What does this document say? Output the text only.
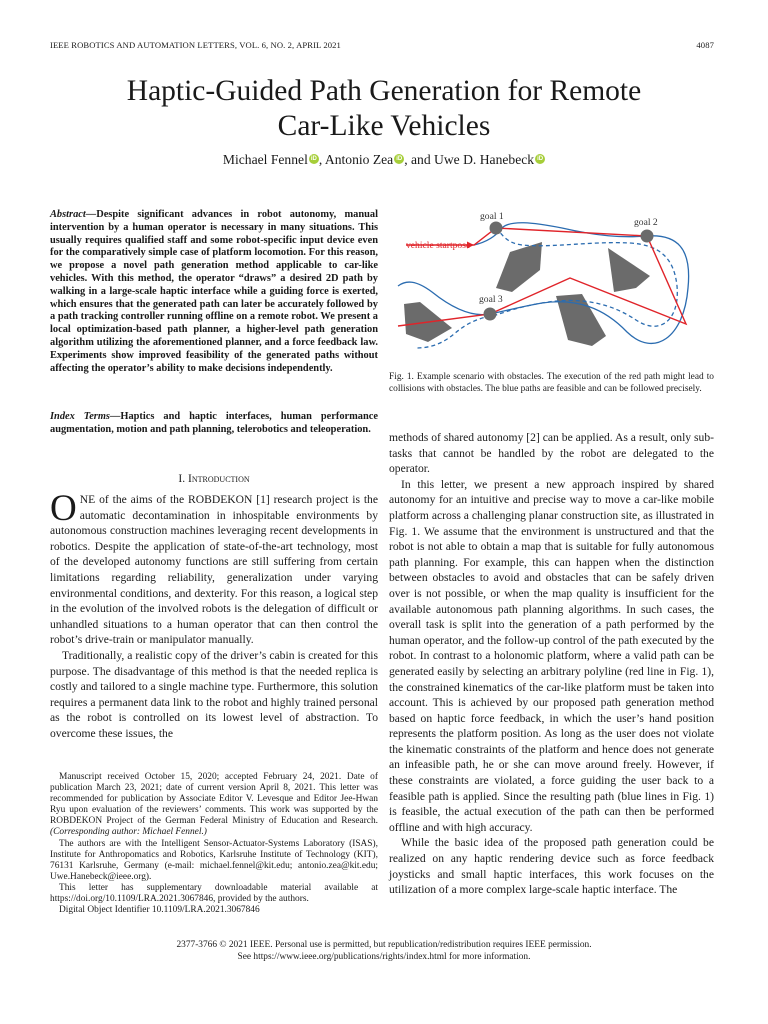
IEEE ROBOTICS AND AUTOMATION LETTERS, VOL. 6, NO. 2, APRIL 2021	4087
Haptic-Guided Path Generation for Remote
Car-Like Vehicles
Michael Fennel iD , Antonio Zea iD , and Uwe D. Hanebeck iD
Abstract—Despite significant advances in robot autonomy, manual intervention by a human operator is necessary in many situations. This usually requires qualified staff and some robot-specific input device even for the comparatively simple case of platform locomotion. For this reason, we propose a novel path generation method applicable to car-like vehicles. With this method, the operator “draws” a desired 2D path by walking in a large-scale haptic interface while a guiding force is exerted, which ensures that the generated path can later be accurately followed by a path tracking controller running offline on a remote robot. We present a local optimization-based path planner, a higher-level path generation algorithm utilizing the aforementioned planner, and a force feedback law. Experiments show improved feasibility of the generated paths without affecting the operator’s ability to make decisions independently.
Index Terms—Haptics and haptic interfaces, human performance augmentation, motion and path planning, telerobotics and teleoperation.
I. Introduction

ONE of the aims of the ROBDEKON [1] research project is the automatic decontamination in inhospitable environments by autonomous construction machines leveraging recent developments in robotics. Despite the application of state-of-the-art technology, most of the developed autonomy functions are still suffering from certain limitations regarding reliability, generalization under varying environmental conditions, and dexterity. For this reason, a logical step in the evolution of the involved robots is the delegation of difficult or unhandled situations to a human operator that can then control the robot’s drive-train or manipulator manually.

Traditionally, a realistic copy of the driver’s cabin is created for this purpose. The disadvantage of this method is that the needed replica is costly and tailored to a single machine type. Furthermore, this solution requires a permanent data link to the robot and highly trained personal as the robot is controlled on its lowest level of abstraction. To overcome these issues, the

Manuscript received October 15, 2020; accepted February 24, 2021. Date of publication March 23, 2021; date of current version April 8, 2021. This letter was recommended for publication by Associate Editor V. Levesque and Editor Jee-Hwan Ryu upon evaluation of the reviewers’ comments. This work was supported by the ROBDEKON Project of the German Federal Ministry of Education and Research. (Corresponding author: Michael Fennel.)

The authors are with the Intelligent Sensor-Actuator-Systems Laboratory (ISAS), Institute for Anthropomatics and Robotics, Karlsruhe Institute of Technology (KIT), 76131 Karlsruhe, Germany (e-mail: michael.fennel@kit.edu; antonio.zea@kit.edu; Uwe.Hanebeck@ieee.org).

This letter has supplementary downloadable material available at https://doi.org/10.1109/LRA.2021.3067846, provided by the authors.

Digital Object Identifier 10.1109/LRA.2021.3067846

goal 1
goal 2
goal 3
vehicle startpose
Fig. 1. Example scenario with obstacles. The execution of the red path might lead to collisions with obstacles. The blue paths are feasible and can be followed precisely.

methods of shared autonomy [2] can be applied. As a result, only sub-tasks that cannot be handled by the robot are delegated to the operator.

In this letter, we present a new approach inspired by shared autonomy for an intuitive and precise way to move a car-like mobile platform across a challenging planar construction site, as illustrated in Fig. 1. We assume that the environment is unstructured and that the robot is not able to obtain a map that is suitable for fully autonomous path planning. For example, this can happen when the distinction between obstacles to avoid and obstacles that can be safely driven over is not possible, or when the map quality is insufficient for the available autonomous path planning algorithms. In such cases, the overall task is split into the generation of a path performed by the human operator, and the follow-up control of the path executed by the robot. In contrast to a holonomic platform, where a valid path can be generated easily by selecting an arbitrary polyline (red line in Fig. 1), the constrained kinematics of the car-like platform must be taken into account. This is achieved by our proposed path generation method based on haptic force feedback, in which the user’s hand position represents the platform position. As long as the user does not violate the kinematic constraints of the platform and hence does not generate an infeasible path, he or she can move around freely. However, if these constraints are violated, a force guiding the user back to a feasible path is applied. Since the resulting path (blue lines in Fig. 1) is feasible, the actual execution of the path can then be performed offline and with high accuracy.

While the basic idea of the proposed path generation could be realized on any haptic rendering device such as force feedback joysticks and small haptic interfaces, this work focuses on the utilization of a more complex large-scale haptic interface. The

2377-3766 © 2021 IEEE. Personal use is permitted, but republication/redistribution requires IEEE permission.
See https://www.ieee.org/publications/rights/index.html for more information.
